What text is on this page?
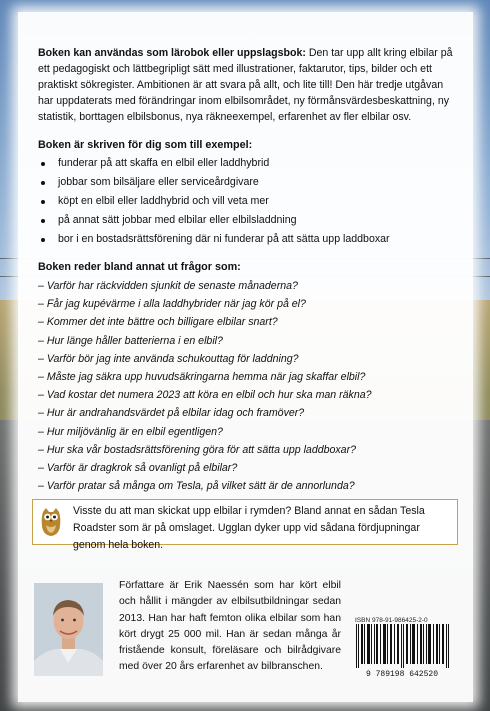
Boken kan användas som lärobok eller uppslagsbok: Den tar upp allt kring elbilar på ett pedagogiskt och lättbegripligt sätt med illustrationer, faktarutor, tips, bilder och ett praktiskt sökregister. Ambitionen är att svara på allt, och lite till! Den här tredje utgåvan har uppdaterats med förändringar inom elbilsområdet, ny förmånsvärdesbeskattning, ny statistik, borttagen elbilsbonus, nya räkneexempel, erfarenhet av fler elbilar osv.

Boken är skriven för dig som till exempel:
funderar på att skaffa en elbil eller laddhybrid
jobbar som bilsäljare eller serviceårdgivare
köpt en elbil eller laddhybrid och vill veta mer
på annat sätt jobbar med elbilar eller elbilsladdning
bor i en bostadsrättsförening där ni funderar på att sätta upp laddboxar
Boken reder bland annat ut frågor som:

– Varför har räckvidden sjunkit de senaste månaderna?

– Får jag kupévärme i alla laddhybrider när jag kör på el?

– Kommer det inte bättre och billigare elbilar snart?

– Hur länge håller batterierna i en elbil?

– Varför bör jag inte använda schukouttag för laddning?

– Måste jag säkra upp huvudsäkringarna hemma när jag skaffar elbil?

– Vad kostar det numera 2023 att köra en elbil och hur ska man räkna?

– Hur är andrahandsvärdet på elbilar idag och framöver?

– Hur miljövänlig är en elbil egentligen?

– Hur ska vår bostadsrättsförening göra för att sätta upp laddboxar?

– Varför är dragkrok så ovanligt på elbilar?

– Varför pratar så många om Tesla, på vilket sätt är de annorlunda?

Visste du att man skickat upp elbilar i rymden? Bland annat en sådan Tesla Roadster som är på omslaget. Ugglan dyker upp vid sådana fördjupningar genom hela boken.
Författare är Erik Naessén som har kört elbil och hållit i mängder av elbilsutbildningar sedan 2013. Han har haft femton olika elbilar som han kört drygt 25 000 mil. Han är sedan många år fristående konsult, föreläsare och bilrådgivare med över 20 års erfarenhet av bilbranschen.
ISBN 978-91-986425-2-0
9 789198 642520
